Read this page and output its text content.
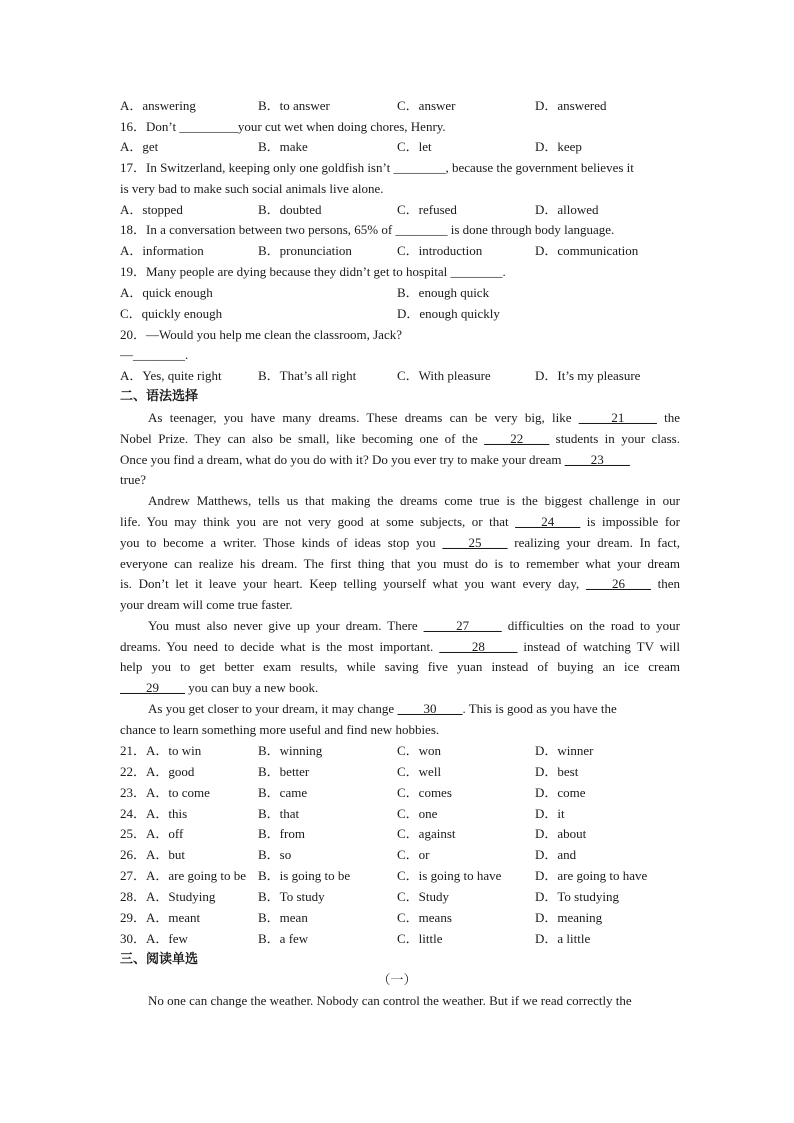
A．answering	B．to answer	C．answer	D．answered
16．Don’t _________your cut wet when doing chores, Henry.
A．get	B．make	C．let	D．keep
17．In Switzerland, keeping only one goldfish isn’t ________, because the government believes it
is very bad to make such social animals live alone.
A．stopped	B．doubted	C．refused	D．allowed
18．In a conversation between two persons, 65% of ________ is done through body language.
A．information	B．pronunciation	C．introduction	D．communication
19．Many people are dying because they didn’t get to hospital ________.
A．quick enough	B．enough quick
C．quickly enough	D．enough quickly
20．—Would you help me clean the classroom, Jack?
—________.
A．Yes, quite right	B．That’s all right	C．With pleasure	D．It’s my pleasure
二、语法选择
As teenager, you have many dreams. These dreams can be very big, like _____21_____ the
Nobel Prize. They can also be small, like becoming one of the ____22____ students in your class.
Once you find a dream, what do you do with it? Do you ever try to make your dream ____23____
true?
Andrew Matthews, tells us that making the dreams come true is the biggest challenge in our
life. You may think you are not very good at some subjects, or that ____24____ is impossible for
you to become a writer. Those kinds of ideas stop you ____25____ realizing your dream. In fact,
everyone can realize his dream. The first thing that you must do is to remember what your dream
is. Don’t let it leave your heart. Keep telling yourself what you want every day, ____26____ then
your dream will come true faster.
You must also never give up your dream. There _____27_____ difficulties on the road to your
dreams. You need to decide what is the most important. _____28_____ instead of watching TV will
help you to get better exam results, while saving five yuan instead of buying an ice cream
____29____ you can buy a new book.
As you get closer to your dream, it may change ____30____. This is good as you have the
chance to learn something more useful and find new hobbies.
21．A．to win	B．winning	C．won	D．winner
22．A．good	B．better	C．well	D．best
23．A．to come	B．came	C．comes	D．come
24．A．this	B．that	C．one	D．it
25．A．off	B．from	C．against	D．about
26．A．but	B．so	C．or	D．and
27．A．are going to be B．is going to be	C．is going to have	D．are going to have
28．A．Studying	B．To study	C．Study	D．To studying
29．A．meant	B．mean	C．means	D．meaning
30．A．few	B．a few	C．little	D．a little
三、阅读单选
（一）
No one can change the weather. Nobody can control the weather. But if we read correctly the
